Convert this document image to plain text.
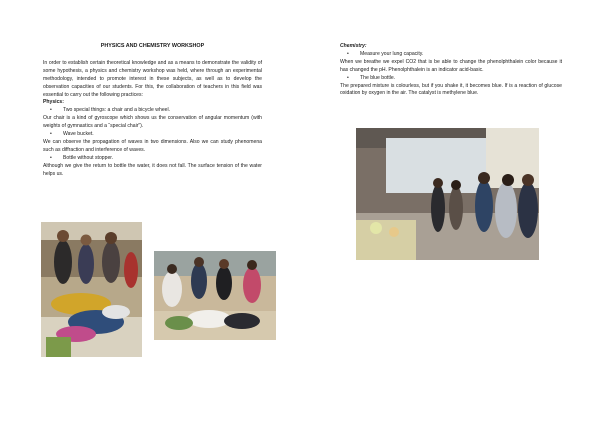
PHYSICS AND CHEMISTRY WORKSHOP
In order to establish certain theoretical knowledge and as a means to demonstrate the validity of some hypothesis, a physics and chemistry workshop was held, where through an experimental methodology, intended to promote interest in these subjects, as well as to develop the observation capacities of our students. For this, the collaboration of teachers in this field was essential to carry out the following practices:
Physics:
• Two special things: a chair and a bicycle wheel.
Our chair is a kind of gyroscope which shows us the conservation of angular momentum (with weights of gymnastics and a “special chair”).
• Wave bucket.
We can observe the propagation of waves in two dimensions. Also we can study phenomena such as diffraction and interference of waves.
• Bottle without stopper.
Although we give the return to bottle the water, it does not fall. The surface tension of the water helps us.
Chemistry:
• Measure your lung capacity.
When we breathe we expel CO2 that is be able to change the phenolphthalein color because it has changed the pH. Phenolphthalein is an indicator acid-basic.
• The blue bottle.
The prepared mixture is colourless, but if you shake it, it becomes blue. If is a reaction of glucose oxidation by oxygen in the air. The catalyst is methylene blue.
